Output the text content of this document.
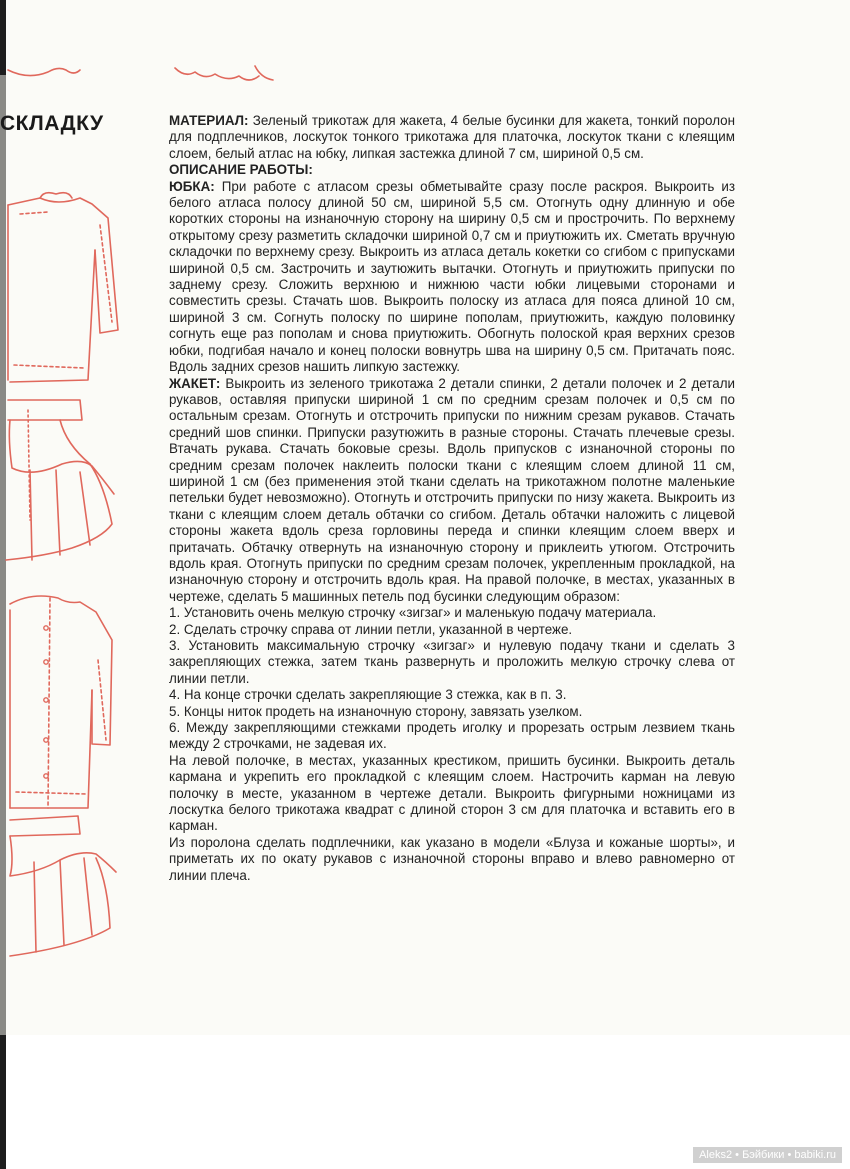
СКЛАДКУ	МАТЕРИАЛ: Зеленый трикотаж для жакета, 4 белые бусинки для жакета, тонкий поролон для подплечников, лоскуток тонкого трикотажа для платочка, лоскуток ткани с клеящим слоем, белый атлас на юбку, липкая застежка длиной 7 см, шириной 0,5 см.

ОПИСАНИЕ РАБОТЫ:

ЮБКА: При работе с атласом срезы обметывайте сразу после раскроя. Выкроить из белого атласа полосу длиной 50 см, шириной 5,5 см. Отогнуть одну длинную и обе коротких стороны на изнаночную сторону на ширину 0,5 см и прострочить. По верхнему открытому срезу разметить складочки шириной 0,7 см и приутюжить их. Сметать вручную складочки по верхнему срезу. Выкроить из атласа деталь кокетки со сгибом с припусками шириной 0,5 см. Застрочить и заутюжить вытачки. Отогнуть и приутюжить припуски по заднему срезу. Сложить верхнюю и нижнюю части юбки лицевыми сторонами и совместить срезы. Стачать шов. Выкроить полоску из атласа для пояса длиной 10 см, шириной 3 см. Согнуть полоску по ширине пополам, приутюжить, каждую половинку согнуть еще раз пополам и снова приутюжить. Обогнуть полоской края верхних срезов юбки, подгибая начало и конец полоски вовнутрь шва на ширину 0,5 см. Притачать пояс. Вдоль задних срезов нашить липкую застежку.

ЖАКЕТ: Выкроить из зеленого трикотажа 2 детали спинки, 2 детали полочек и 2 детали рукавов, оставляя припуски шириной 1 см по средним срезам полочек и 0,5 см по остальным срезам. Отогнуть и отстрочить припуски по нижним срезам рукавов. Стачать средний шов спинки. Припуски разутюжить в разные стороны. Стачать плечевые срезы. Втачать рукава. Стачать боковые срезы. Вдоль припусков с изнаночной стороны по средним срезам полочек наклеить полоски ткани с клеящим слоем длиной 11 см, шириной 1 см (без применения этой ткани сделать на трикотажном полотне маленькие петельки будет невозможно). Отогнуть и отстрочить припуски по низу жакета. Выкроить из ткани с клеящим слоем деталь обтачки со сгибом. Деталь обтачки наложить с лицевой стороны жакета вдоль среза горловины переда и спинки клеящим слоем вверх и притачать. Обтачку отвернуть на изнаночную сторону и приклеить утюгом. Отстрочить вдоль края. Отогнуть припуски по средним срезам полочек, укрепленным прокладкой, на изнаночную сторону и отстрочить вдоль края. На правой полочке, в местах, указанных в чертеже, сделать 5 машинных петель под бусинки следующим образом:

1. Установить очень мелкую строчку «зигзаг» и маленькую подачу материала.

2. Сделать строчку справа от линии петли, указанной в чертеже.

3. Установить максимальную строчку «зигзаг» и нулевую подачу ткани и сделать 3 закрепляющих стежка, затем ткань развернуть и проложить мелкую строчку слева от линии петли.

4. На конце строчки сделать закрепляющие 3 стежка, как в п. 3.

5. Концы ниток продеть на изнаночную сторону, завязать узелком.

6. Между закрепляющими стежками продеть иголку и прорезать острым лезвием ткань между 2 строчками, не задевая их.

На левой полочке, в местах, указанных крестиком, пришить бусинки. Выкроить деталь кармана и укрепить его прокладкой с клеящим слоем. Настрочить карман на левую полочку в месте, указанном в чертеже детали. Выкроить фигурными ножницами из лоскутка белого трикотажа квадрат с длиной сторон 3 см для платочка и вставить его в карман.

Из поролона сделать подплечники, как указано в модели «Блуза и кожаные шорты», и приметать их по окату рукавов с изнаночной стороны вправо и влево равномерно от линии плеча.

Aleks2 • Бэйбики • babiki.ru
